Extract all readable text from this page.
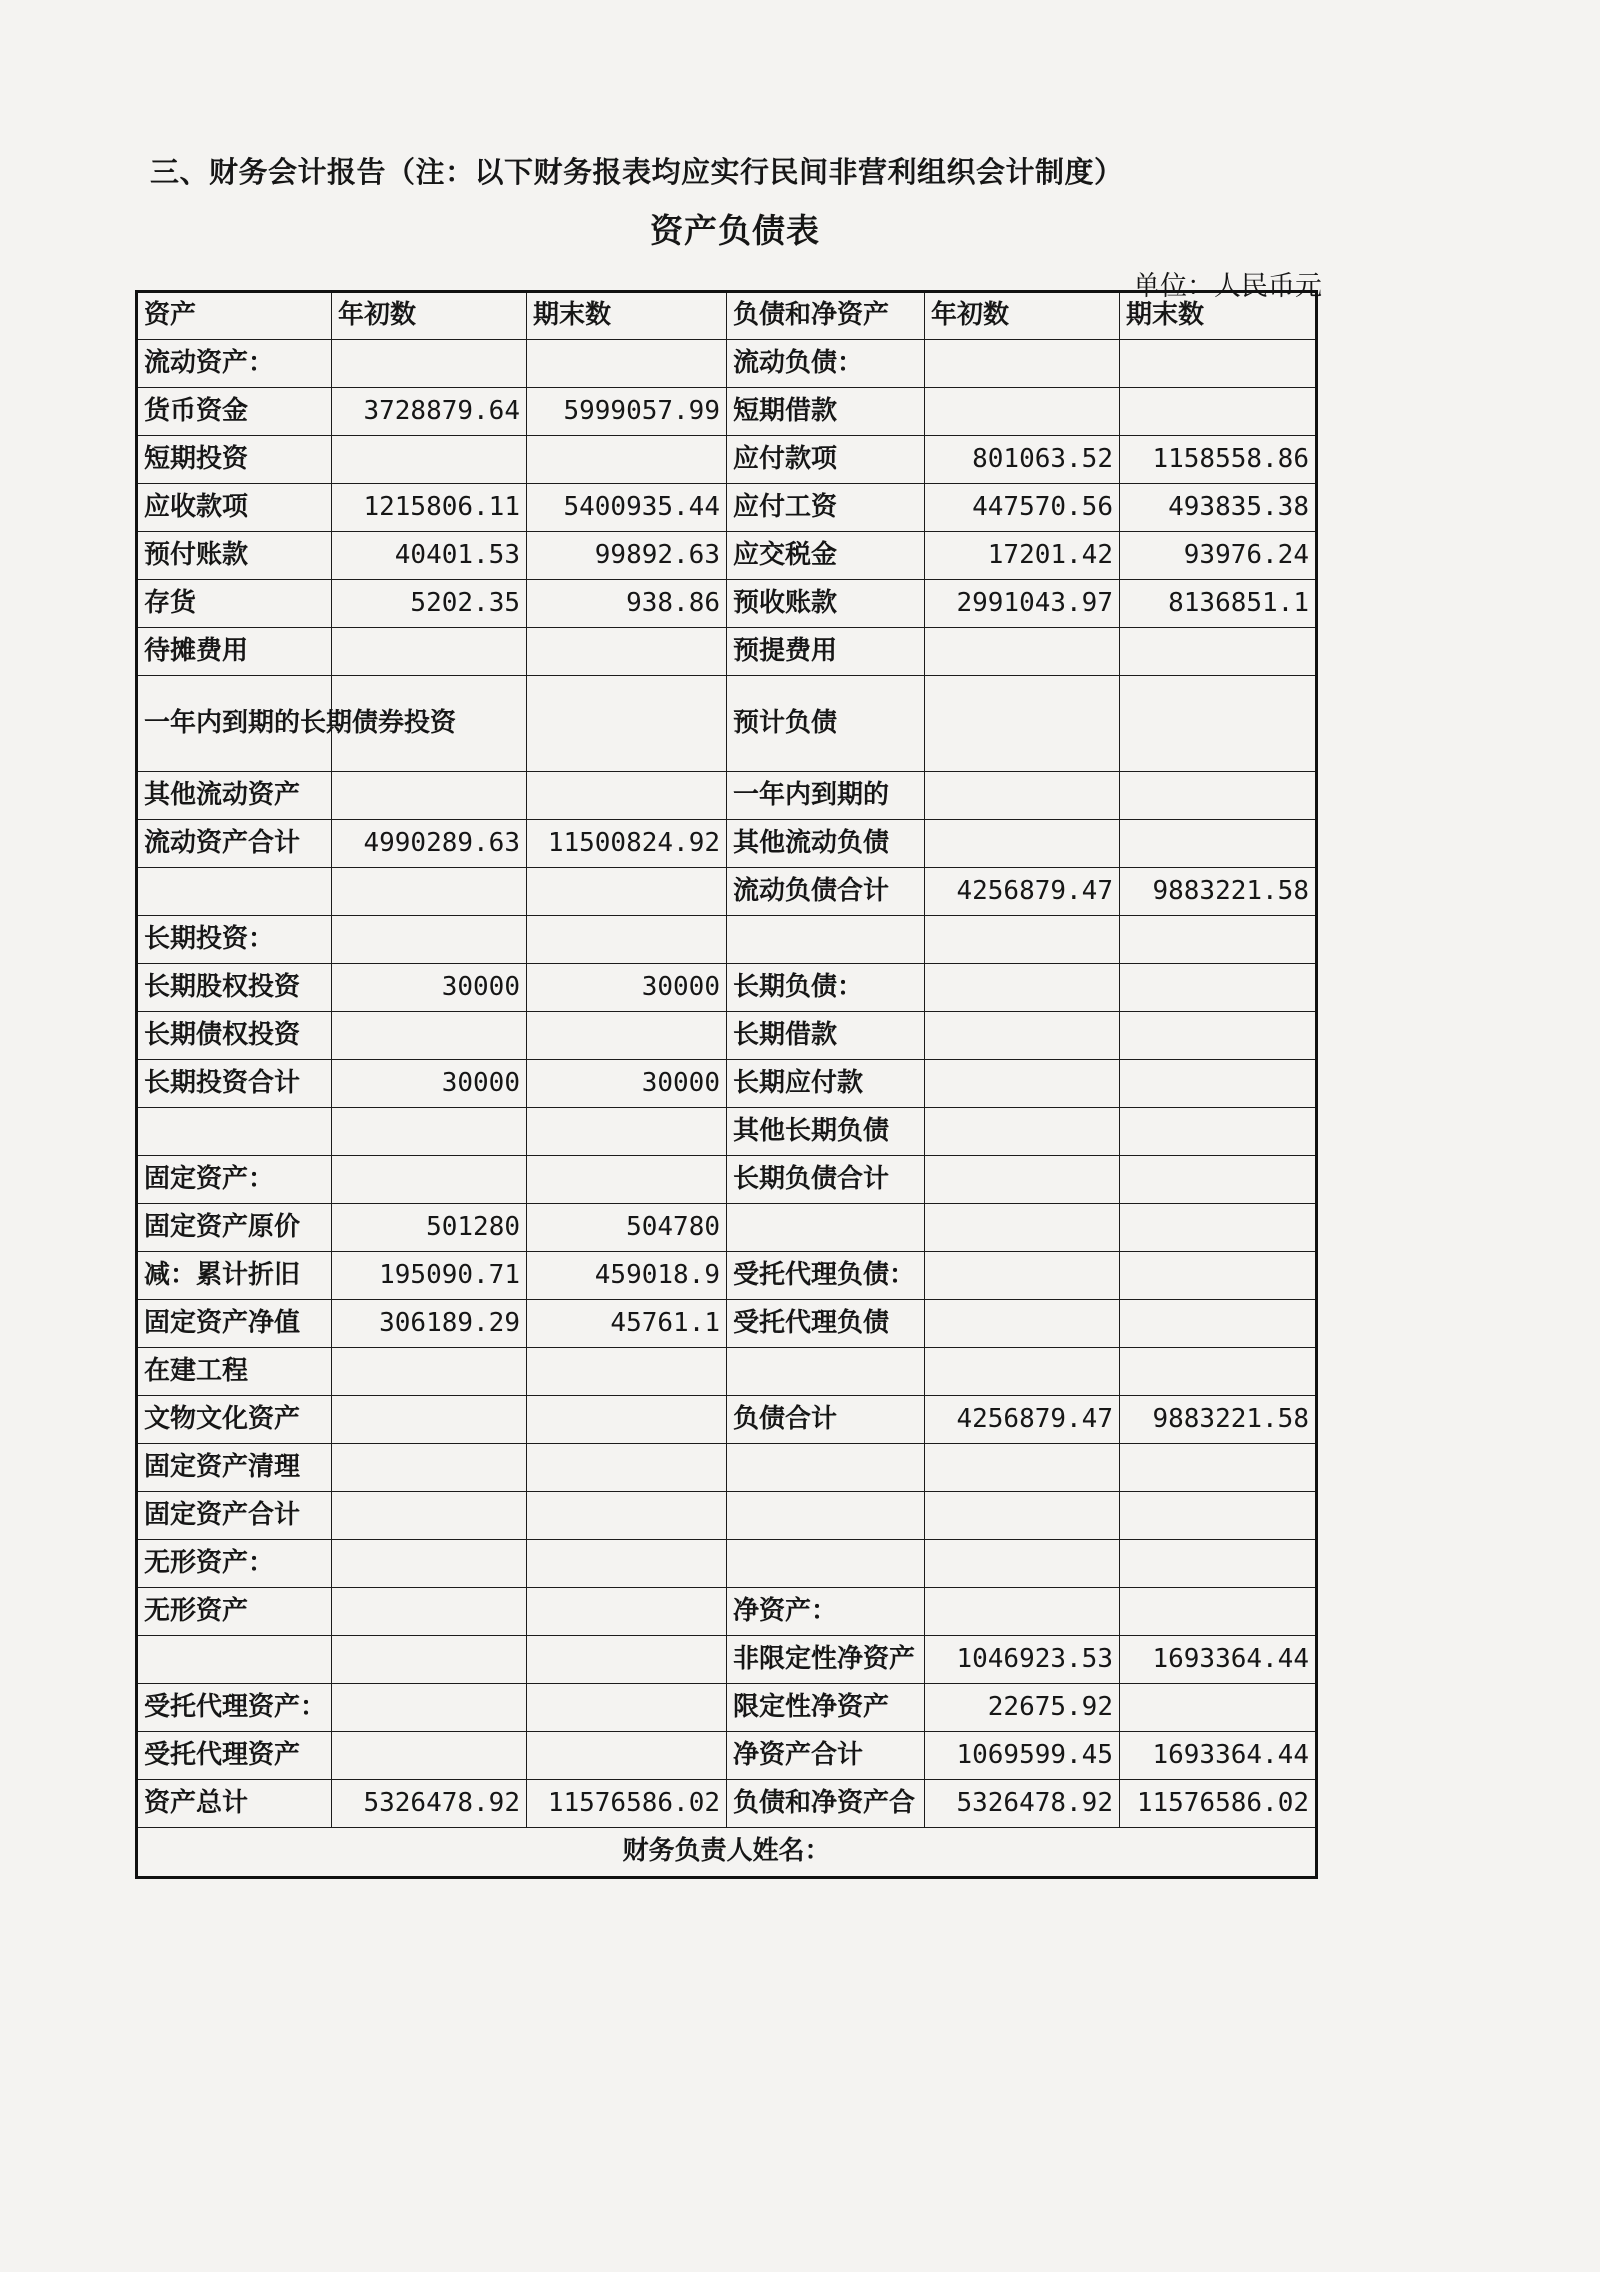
三、财务会计报告（注：以下财务报表均应实行民间非营利组织会计制度）
资产负债表
单位：人民币元
资产	年初数	期末数	负债和净资产	年初数	期末数
流动资产：			流动负债：		
货币资金	3728879.64	5999057.99	短期借款		
短期投资			应付款项	801063.52	1158558.86
应收款项	1215806.11	5400935.44	应付工资	447570.56	493835.38
预付账款	40401.53	99892.63	应交税金	17201.42	93976.24
存货	5202.35	938.86	预收账款	2991043.97	8136851.1
待摊费用			预提费用		
一年内到期的长期债券投资			预计负债		
其他流动资产			一年内到期的		
流动资产合计	4990289.63	11500824.92	其他流动负债		
			流动负债合计	4256879.47	9883221.58
长期投资：					
长期股权投资	30000	30000	长期负债：		
长期债权投资			长期借款		
长期投资合计	30000	30000	长期应付款		
			其他长期负债		
固定资产：			长期负债合计		
固定资产原价	501280	504780			
减：累计折旧	195090.71	459018.9	受托代理负债：		
固定资产净值	306189.29	45761.1	受托代理负债		
在建工程					
文物文化资产			负债合计	4256879.47	9883221.58
固定资产清理					
固定资产合计					
无形资产：					
无形资产			净资产：		
			非限定性净资产	1046923.53	1693364.44
受托代理资产：			限定性净资产	22675.92	
受托代理资产			净资产合计	1069599.45	1693364.44
资产总计	5326478.92	11576586.02	负债和净资产合	5326478.92	11576586.02
财务负责人姓名：					
